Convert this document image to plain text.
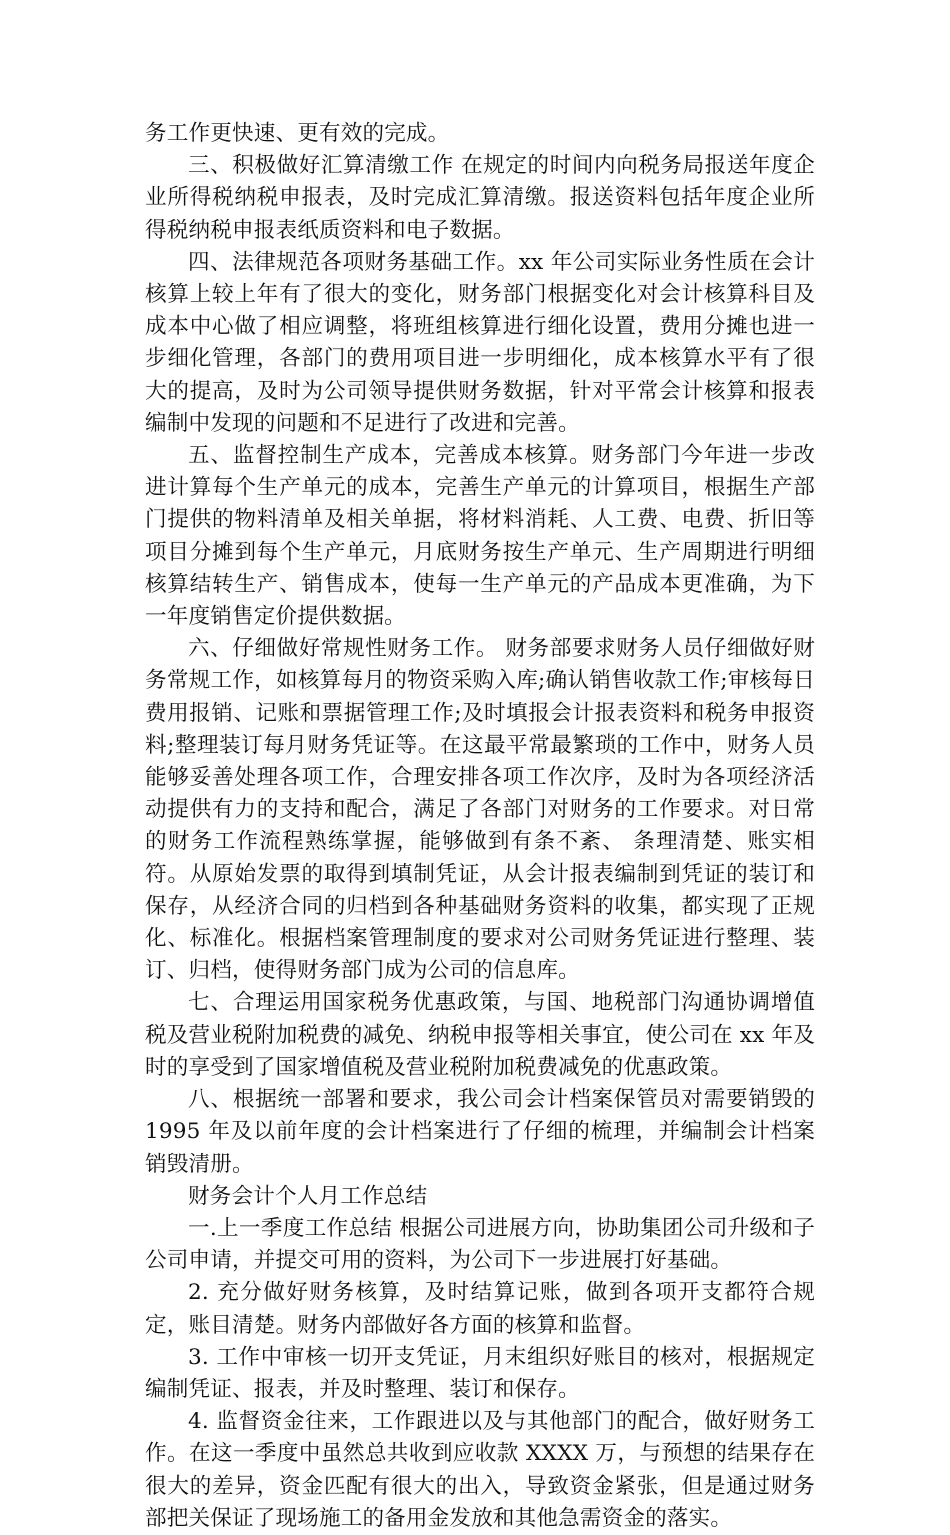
务工作更快速、更有效的完成。

三、积极做好汇算清缴工作 在规定的时间内向税务局报送年度企业所得税纳税申报表，及时完成汇算清缴。报送资料包括年度企业所得税纳税申报表纸质资料和电子数据。

四、法律规范各项财务基础工作。xx 年公司实际业务性质在会计核算上较上年有了很大的变化，财务部门根据变化对会计核算科目及成本中心做了相应调整，将班组核算进行细化设置，费用分摊也进一步细化管理，各部门的费用项目进一步明细化，成本核算水平有了很大的提高，及时为公司领导提供财务数据，针对平常会计核算和报表编制中发现的问题和不足进行了改进和完善。

五、监督控制生产成本，完善成本核算。财务部门今年进一步改进计算每个生产单元的成本，完善生产单元的计算项目，根据生产部门提供的物料清单及相关单据，将材料消耗、人工费、电费、折旧等项目分摊到每个生产单元，月底财务按生产单元、生产周期进行明细核算结转生产、销售成本，使每一生产单元的产品成本更准确，为下一年度销售定价提供数据。

六、仔细做好常规性财务工作。 财务部要求财务人员仔细做好财务常规工作，如核算每月的物资采购入库;确认销售收款工作;审核每日费用报销、记账和票据管理工作;及时填报会计报表资料和税务申报资料;整理装订每月财务凭证等。在这最平常最繁琐的工作中，财务人员能够妥善处理各项工作，合理安排各项工作次序，及时为各项经济活动提供有力的支持和配合，满足了各部门对财务的工作要求。对日常的财务工作流程熟练掌握，能够做到有条不紊、 条理清楚、账实相符。从原始发票的取得到填制凭证，从会计报表编制到凭证的装订和保存，从经济合同的归档到各种基础财务资料的收集，都实现了正规化、标准化。根据档案管理制度的要求对公司财务凭证进行整理、装订、归档，使得财务部门成为公司的信息库。

七、合理运用国家税务优惠政策，与国、地税部门沟通协调增值税及营业税附加税费的减免、纳税申报等相关事宜，使公司在 xx 年及时的享受到了国家增值税及营业税附加税费减免的优惠政策。

八、根据统一部署和要求，我公司会计档案保管员对需要销毁的 1995 年及以前年度的会计档案进行了仔细的梳理，并编制会计档案销毁清册。

财务会计个人月工作总结

一.上一季度工作总结 根据公司进展方向，协助集团公司升级和子公司申请，并提交可用的资料，为公司下一步进展打好基础。

2. 充分做好财务核算，及时结算记账，做到各项开支都符合规定，账目清楚。财务内部做好各方面的核算和监督。

3. 工作中审核一切开支凭证，月末组织好账目的核对，根据规定编制凭证、报表，并及时整理、装订和保存。

4. 监督资金往来，工作跟进以及与其他部门的配合，做好财务工作。在这一季度中虽然总共收到应收款 XXXX 万，与预想的结果存在很大的差异，资金匹配有很大的出入，导致资金紧张，但是通过财务部把关保证了现场施工的备用金发放和其他急需资金的落实。
